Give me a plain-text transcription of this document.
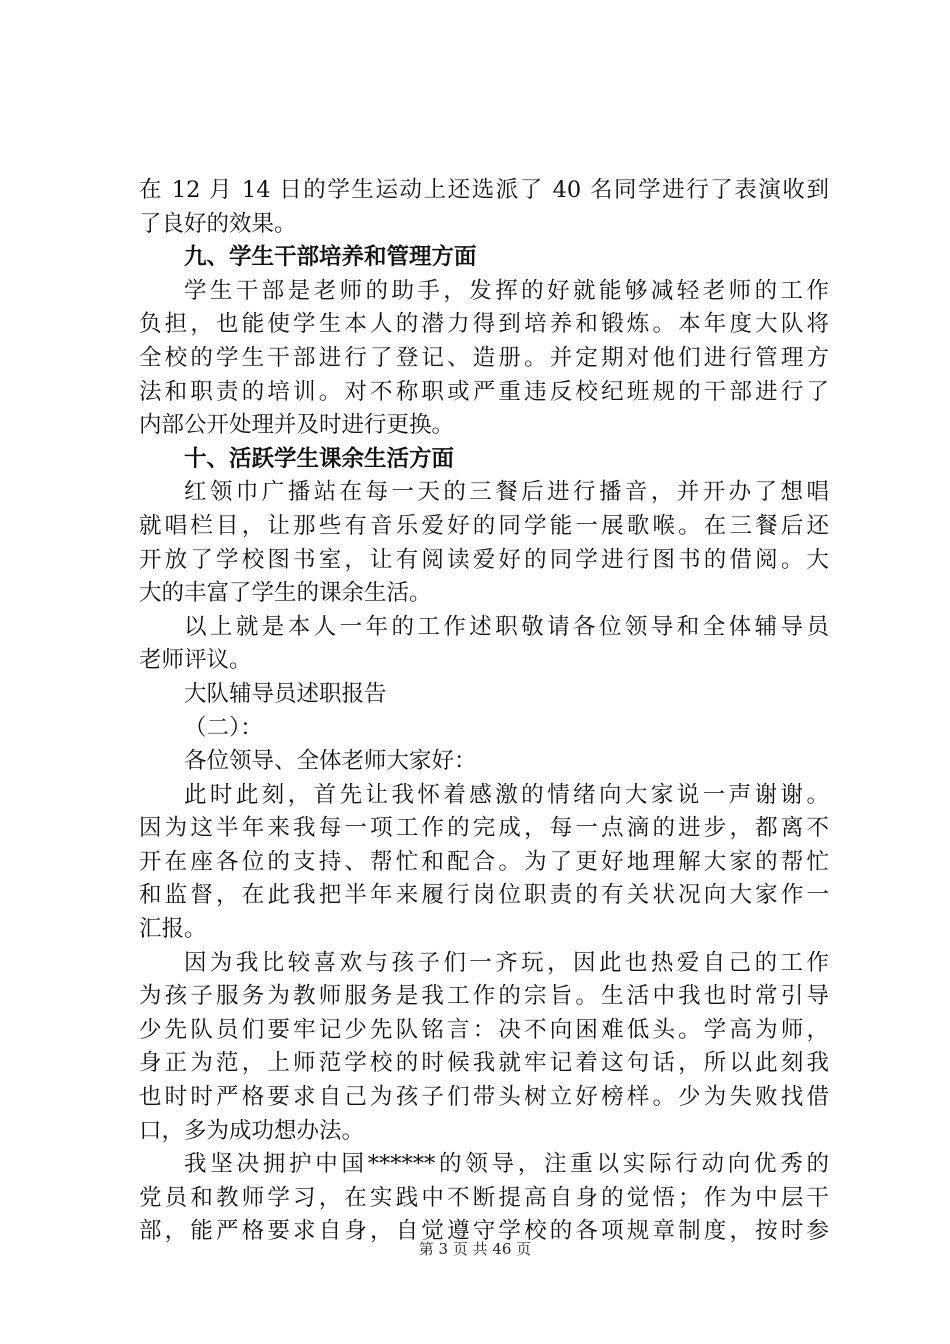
在 12 月 14 日的学生运动上还选派了 40 名同学进行了表演收到
了良好的效果。
九、学生干部培养和管理方面
学生干部是老师的助手，发挥的好就能够减轻老师的工作
负担，也能使学生本人的潜力得到培养和锻炼。本年度大队将
全校的学生干部进行了登记、造册。并定期对他们进行管理方
法和职责的培训。对不称职或严重违反校纪班规的干部进行了
内部公开处理并及时进行更换。
十、活跃学生课余生活方面
红领巾广播站在每一天的三餐后进行播音，并开办了想唱
就唱栏目，让那些有音乐爱好的同学能一展歌喉。在三餐后还
开放了学校图书室，让有阅读爱好的同学进行图书的借阅。大
大的丰富了学生的课余生活。
以上就是本人一年的工作述职敬请各位领导和全体辅导员
老师评议。
大队辅导员述职报告
（二）：
各位领导、全体老师大家好：
此时此刻，首先让我怀着感激的情绪向大家说一声谢谢。
因为这半年来我每一项工作的完成，每一点滴的进步，都离不
开在座各位的支持、帮忙和配合。为了更好地理解大家的帮忙
和监督，在此我把半年来履行岗位职责的有关状况向大家作一
汇报。
因为我比较喜欢与孩子们一齐玩，因此也热爱自己的工作
为孩子服务为教师服务是我工作的宗旨。生活中我也时常引导
少先队员们要牢记少先队铭言：决不向困难低头。学高为师，
身正为范，上师范学校的时候我就牢记着这句话，所以此刻我
也时时严格要求自己为孩子们带头树立好榜样。少为失败找借
口，多为成功想办法。
我坚决拥护中国******的领导，注重以实际行动向优秀的
党员和教师学习，在实践中不断提高自身的觉悟；作为中层干
部，能严格要求自身，自觉遵守学校的各项规章制度，按时参
第 3 页 共 46 页
